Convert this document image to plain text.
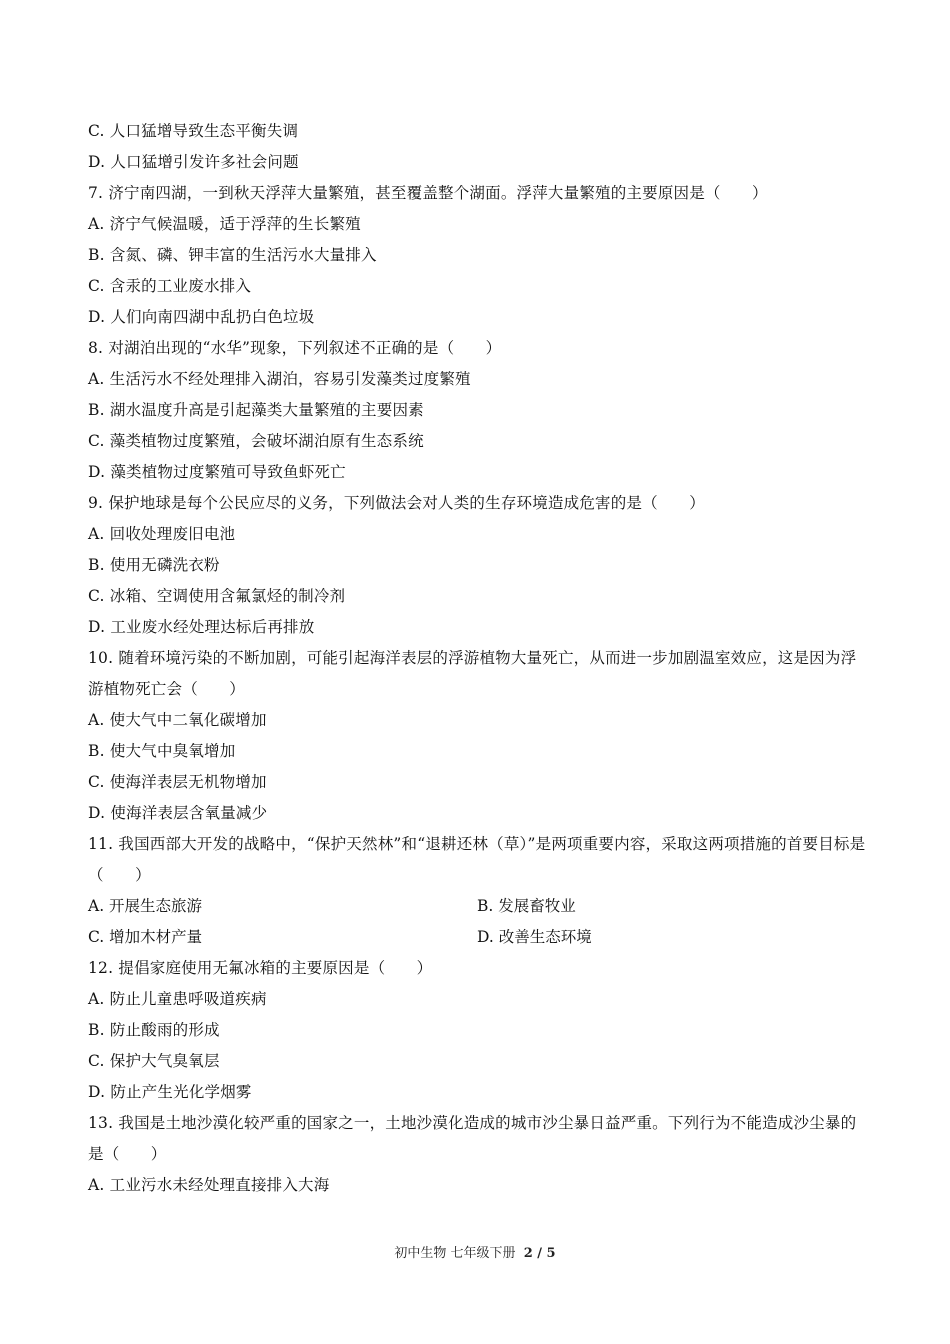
C. 人口猛增导致生态平衡失调
D. 人口猛增引发许多社会问题
7. 济宁南四湖，一到秋天浮萍大量繁殖，甚至覆盖整个湖面。浮萍大量繁殖的主要原因是（　　）
A. 济宁气候温暖，适于浮萍的生长繁殖
B. 含氮、磷、钾丰富的生活污水大量排入
C. 含汞的工业废水排入
D. 人们向南四湖中乱扔白色垃圾
8. 对湖泊出现的“水华”现象，下列叙述不正确的是（　　）
A. 生活污水不经处理排入湖泊，容易引发藻类过度繁殖
B. 湖水温度升高是引起藻类大量繁殖的主要因素
C. 藻类植物过度繁殖，会破坏湖泊原有生态系统
D. 藻类植物过度繁殖可导致鱼虾死亡
9. 保护地球是每个公民应尽的义务，下列做法会对人类的生存环境造成危害的是（　　）
A. 回收处理废旧电池
B. 使用无磷洗衣粉
C. 冰箱、空调使用含氟氯烃的制冷剂
D. 工业废水经处理达标后再排放
10. 随着环境污染的不断加剧，可能引起海洋表层的浮游植物大量死亡，从而进一步加剧温室效应，这是因为浮游植物死亡会（　　）
A. 使大气中二氧化碳增加
B. 使大气中臭氧增加
C. 使海洋表层无机物增加
D. 使海洋表层含氧量减少
11. 我国西部大开发的战略中，“保护天然林”和“退耕还林（草）”是两项重要内容，采取这两项措施的首要目标是（　　）
A. 开展生态旅游	B. 发展畜牧业
C. 增加木材产量	D. 改善生态环境
12. 提倡家庭使用无氟冰箱的主要原因是（　　）
A. 防止儿童患呼吸道疾病
B. 防止酸雨的形成
C. 保护大气臭氧层
D. 防止产生光化学烟雾
13. 我国是土地沙漠化较严重的国家之一，土地沙漠化造成的城市沙尘暴日益严重。下列行为不能造成沙尘暴的是（　　）
A. 工业污水未经处理直接排入大海
初中生物 七年级下册 2 / 5
